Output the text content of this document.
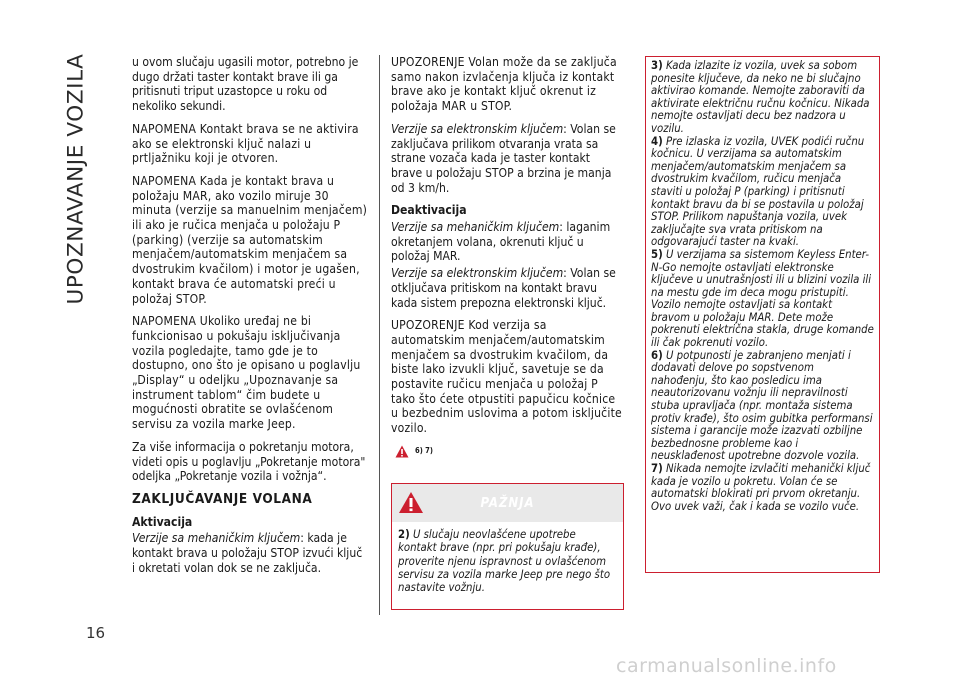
UPOZNAVANJE VOZILA
16

u ovom slučaju ugasili motor, potrebno je dugo držati taster kontakt brave ili ga pritisnuti triput uzastopce u roku od nekoliko sekundi.

NAPOMENA Kontakt brava se ne aktivira ako se elektronski ključ nalazi u prtljažniku koji je otvoren.

NAPOMENA Kada je kontakt brava u položaju MAR, ako vozilo miruje 30 minuta (verzije sa manuelnim menjačem) ili ako je ručica menjača u položaju P (parking) (verzije sa automatskim menjačem/automatskim menjačem sa dvostrukim kvačilom) i motor je ugašen, kontakt brava će automatski preći u položaj STOP.

NAPOMENA Ukoliko uređaj ne bi funkcionisao u pokušaju isključivanja vozila pogledajte, tamo gde je to dostupno, ono što je opisano u poglavlju „Display“ u odeljku „Upoznavanje sa instrument tablom“ čim budete u mogućnosti obratite se ovlašćenom servisu za vozila marke Jeep.

Za više informacija o pokretanju motora, videti opis u poglavlju „Pokretanje motora" odeljka „Pokretanje vozila i vožnja“.

ZAKLJUČAVANJE VOLANA
Aktivacija

Verzije sa mehaničkim ključem: kada je kontakt brava u položaju STOP izvući ključ i okretati volan dok se ne zaključa.

UPOZORENJE Volan može da se zaključa samo nakon izvlačenja ključa iz kontakt brave ako je kontakt ključ okrenut iz položaja MAR u STOP.

Verzije sa elektronskim ključem: Volan se zaključava prilikom otvaranja vrata sa strane vozača kada je taster kontakt brave u položaju STOP a brzina je manja od 3 km/h.

Deaktivacija

Verzije sa mehaničkim ključem: laganim okretanjem volana, okrenuti ključ u položaj MAR.

Verzije sa elektronskim ključem: Volan se otključava pritiskom na kontakt bravu kada sistem prepozna elektronski ključ.

UPOZORENJE Kod verzija sa automatskim menjačem/automatskim menjačem sa dvostrukim kvačilom, da biste lako izvukli ključ, savetuje se da postavite ručicu menjača u položaj P tako što ćete otpustiti papučicu kočnice u bezbednim uslovima a potom isključite vozilo.

6) 7)
PAŽNJA
2) U slučaju neovlašćene upotrebe kontakt brave (npr. pri pokušaju krađe), proverite njenu ispravnost u ovlašćenom servisu za vozila marke Jeep pre nego što nastavite vožnju.

3) Kada izlazite iz vozila, uvek sa sobom ponesite ključeve, da neko ne bi slučajno aktivirao komande. Nemojte zaboraviti da aktivirate električnu ručnu kočnicu. Nikada nemojte ostavljati decu bez nadzora u vozilu.

4) Pre izlaska iz vozila, UVEK podići ručnu kočnicu. U verzijama sa automatskim menjačem/automatskim menjačem sa dvostrukim kvačilom, ručicu menjača staviti u položaj P (parking) i pritisnuti kontakt bravu da bi se postavila u položaj STOP. Prilikom napuštanja vozila, uvek zaključajte sva vrata pritiskom na odgovarajući taster na kvaki.

5) U verzijama sa sistemom Keyless Enter-N-Go nemojte ostavljati elektronske ključeve u unutrašnjosti ili u blizini vozila ili na mestu gde im deca mogu pristupiti. Vozilo nemojte ostavljati sa kontakt bravom u položaju MAR. Dete može pokrenuti električna stakla, druge komande ili čak pokrenuti vozilo.

6) U potpunosti je zabranjeno menjati i dodavati delove po sopstvenom nahođenju, što kao posledicu ima neautorizovanu vožnju ili nepravilnosti stuba upravljača (npr. montaža sistema protiv krađe), što osim gubitka performansi sistema i garancije može izazvati ozbiljne bezbednosne probleme kao i neusklađenost upotrebne dozvole vozila.

7) Nikada nemojte izvlačiti mehanički ključ kada je vozilo u pokretu. Volan će se automatski blokirati pri prvom okretanju. Ovo uvek važi, čak i kada se vozilo vuče.

carmanualsonline.info
